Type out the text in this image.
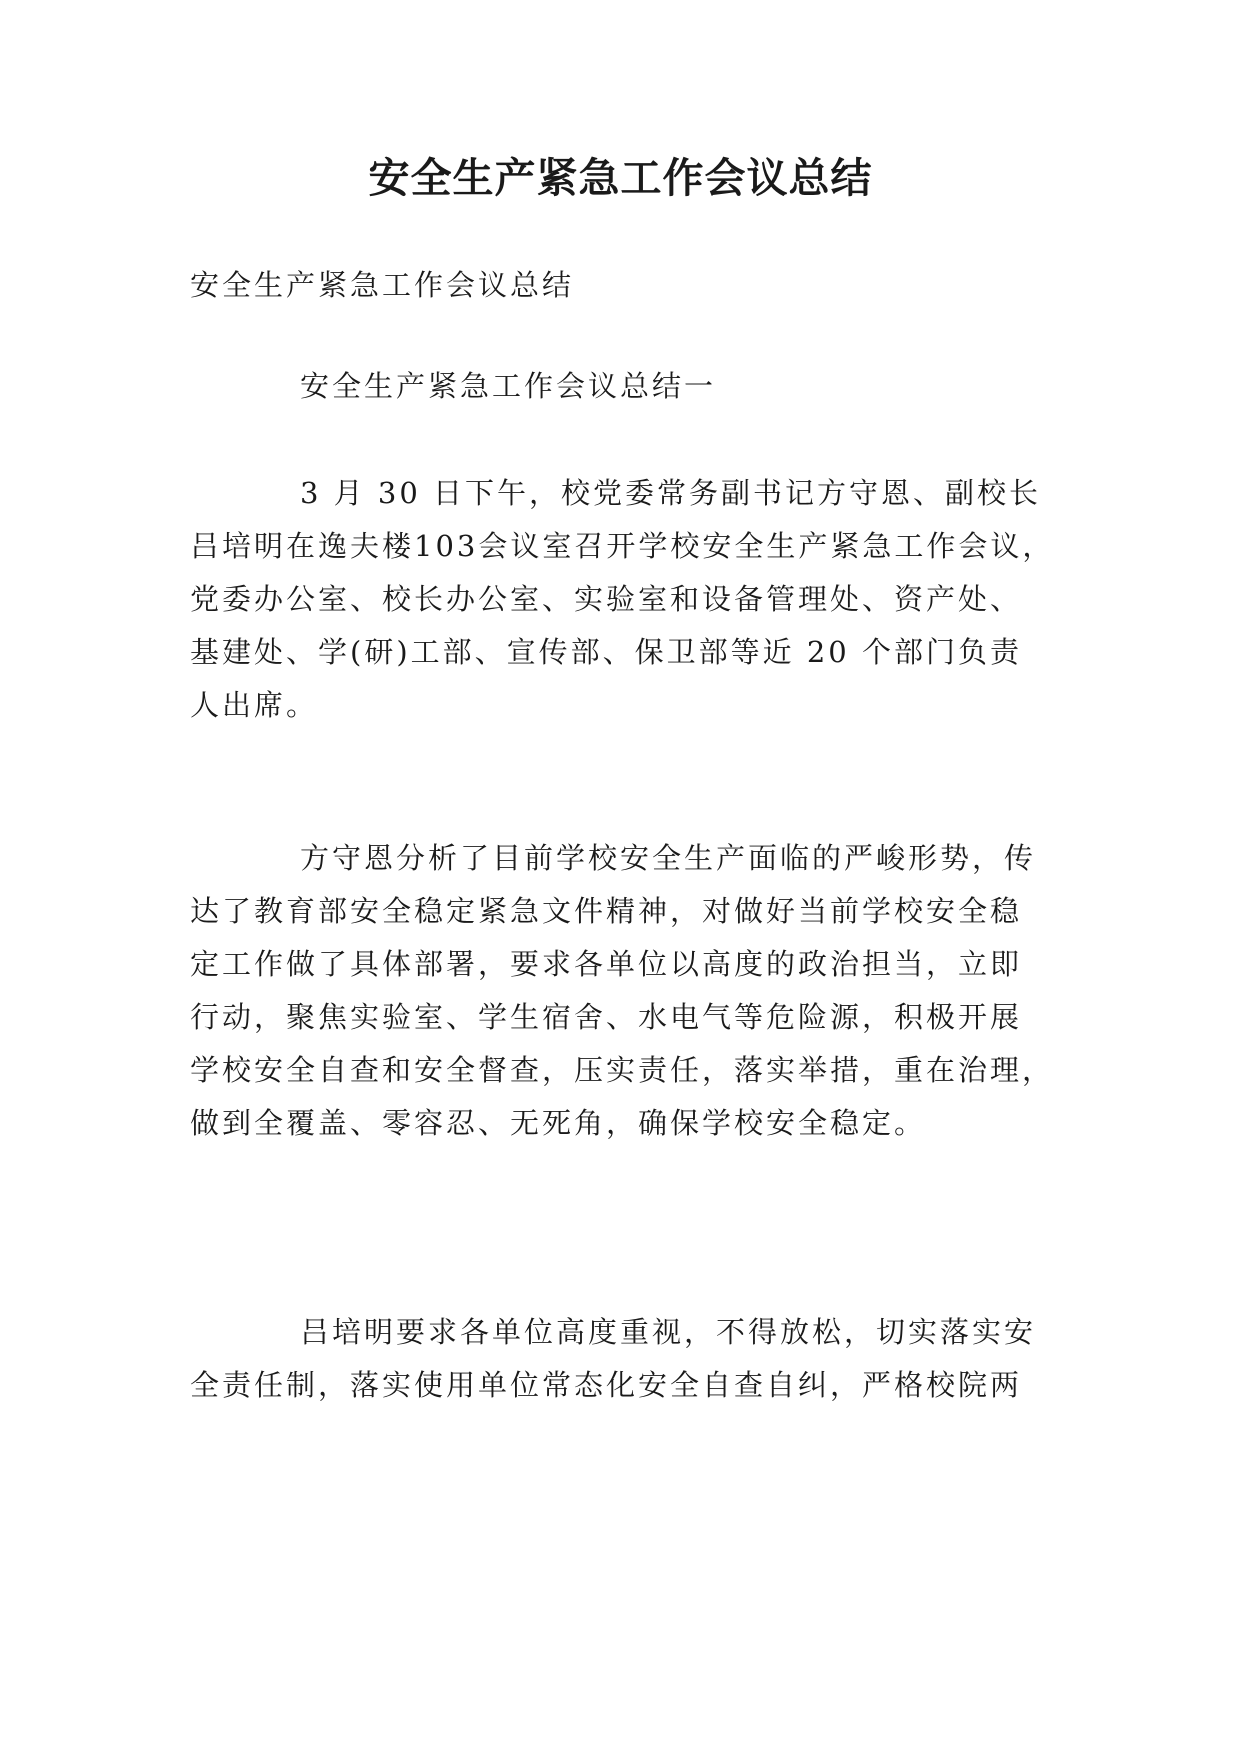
安全生产紧急工作会议总结

安全生产紧急工作会议总结

安全生产紧急工作会议总结一

3 月 30 日下午，校党委常务副书记方守恩、副校长

吕培明在逸夫楼103会议室召开学校安全生产紧急工作会议，

党委办公室、校长办公室、实验室和设备管理处、资产处、

基建处、学(研)工部、宣传部、保卫部等近 20 个部门负责

人出席。

方守恩分析了目前学校安全生产面临的严峻形势，传

达了教育部安全稳定紧急文件精神，对做好当前学校安全稳

定工作做了具体部署，要求各单位以高度的政治担当，立即

行动，聚焦实验室、学生宿舍、水电气等危险源，积极开展

学校安全自查和安全督查，压实责任，落实举措，重在治理，

做到全覆盖、零容忍、无死角，确保学校安全稳定。

吕培明要求各单位高度重视，不得放松，切实落实安

全责任制，落实使用单位常态化安全自查自纠，严格校院两
